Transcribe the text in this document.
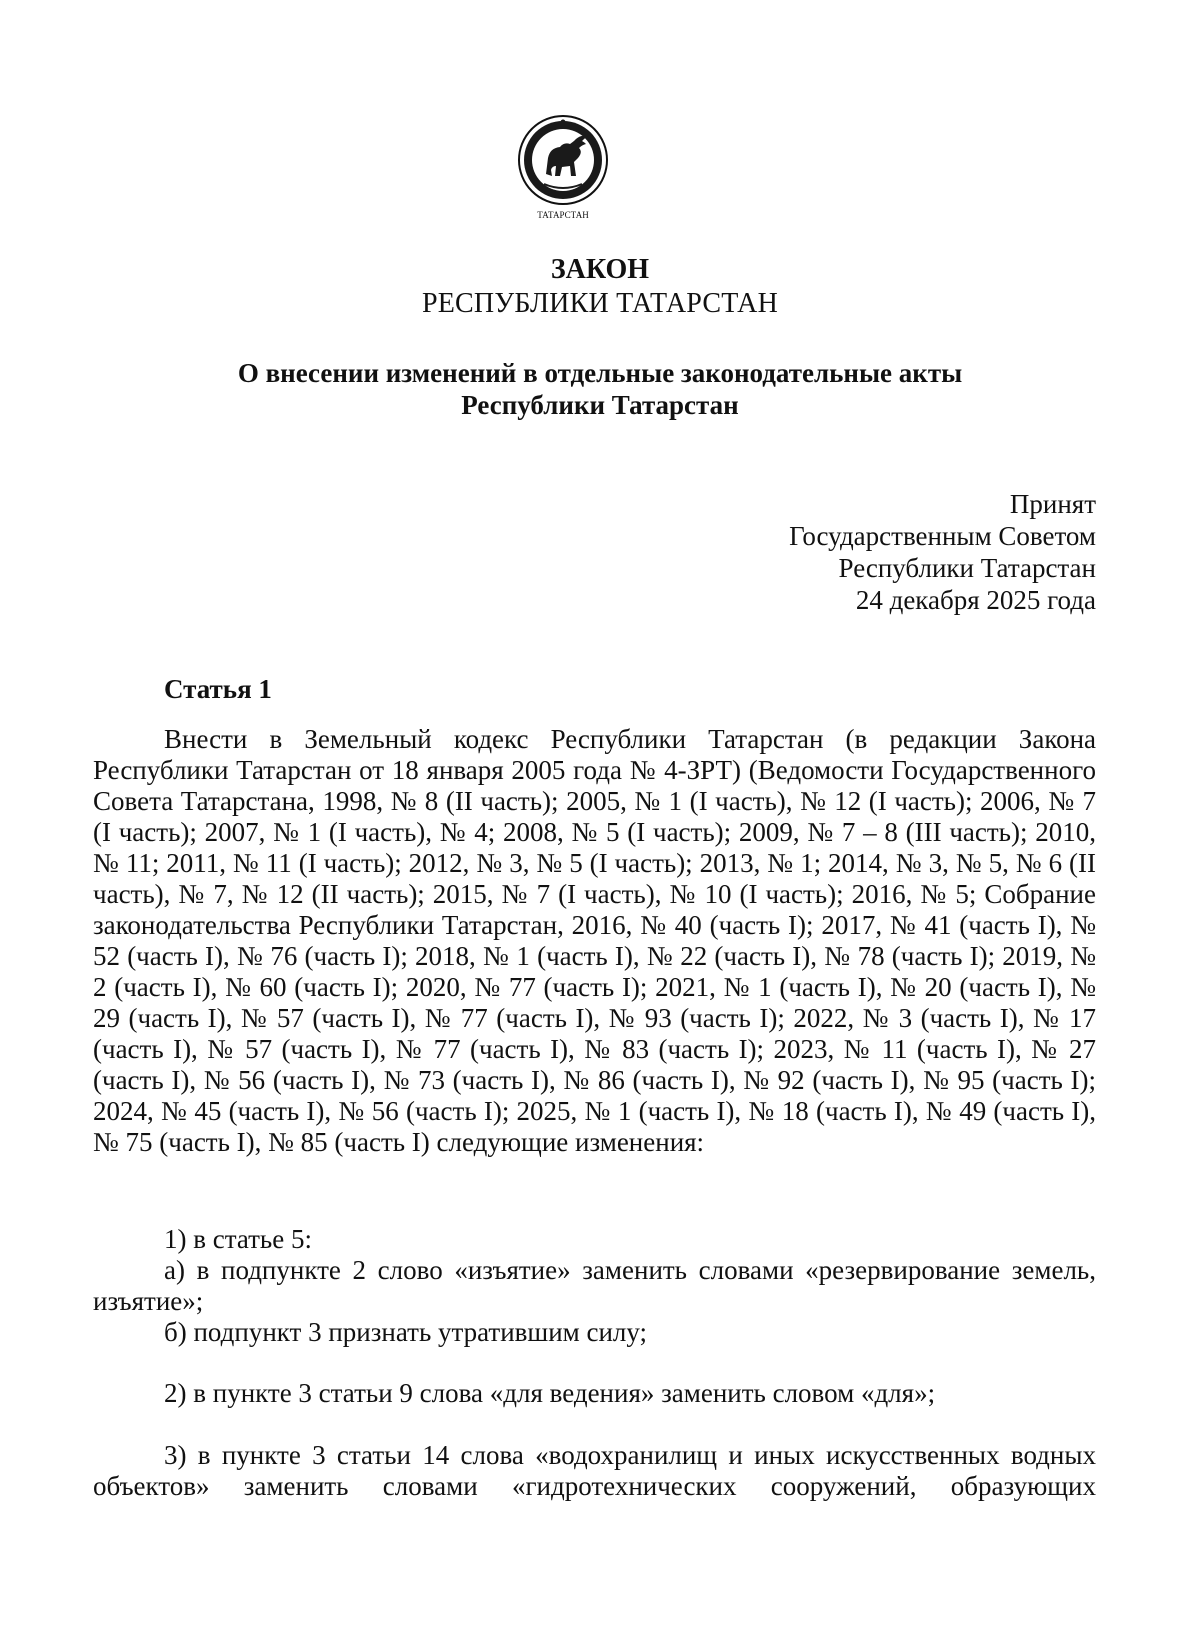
ТАТАРСТАН
ЗАКОН
РЕСПУБЛИКИ ТАТАРСТАН
О внесении изменений в отдельные законодательные акты
Республики Татарстан
Принят
Государственным Советом
Республики Татарстан
24 декабря 2025 года
Статья 1
Внести в Земельный кодекс Республики Татарстан (в редакции Закона Республики Татарстан от 18 января 2005 года № 4-ЗРТ) (Ведомости Государственного Совета Татарстана, 1998, № 8 (II часть); 2005, № 1 (I часть), № 12 (I часть); 2006, № 7 (I часть); 2007, № 1 (I часть), № 4; 2008, № 5 (I часть); 2009, № 7 – 8 (III часть); 2010, № 11; 2011, № 11 (I часть); 2012, № 3, № 5 (I часть); 2013, № 1; 2014, № 3, № 5, № 6 (II часть), № 7, № 12 (II часть); 2015, № 7 (I часть), № 10 (I часть); 2016, № 5; Собрание законодательства Республики Татарстан, 2016, № 40 (часть I); 2017, № 41 (часть I), № 52 (часть I), № 76 (часть I); 2018, № 1 (часть I), № 22 (часть I), № 78 (часть I); 2019, № 2 (часть I), № 60 (часть I); 2020, № 77 (часть I); 2021, № 1 (часть I), № 20 (часть I), № 29 (часть I), № 57 (часть I), № 77 (часть I), № 93 (часть I); 2022, № 3 (часть I), № 17 (часть I), № 57 (часть I), № 77 (часть I), № 83 (часть I); 2023, № 11 (часть I), № 27 (часть I), № 56 (часть I), № 73 (часть I), № 86 (часть I), № 92 (часть I), № 95 (часть I); 2024, № 45 (часть I), № 56 (часть I); 2025, № 1 (часть I), № 18 (часть I), № 49 (часть I), № 75 (часть I), № 85 (часть I) следующие изменения:
1) в статье 5:
а) в подпункте 2 слово «изъятие» заменить словами «резервирование земель, изъятие»;
б) подпункт 3 признать утратившим силу;
2) в пункте 3 статьи 9 слова «для ведения» заменить словом «для»;
3) в пункте 3 статьи 14 слова «водохранилищ и иных искусственных водных объектов» заменить словами «гидротехнических сооружений, образующих
